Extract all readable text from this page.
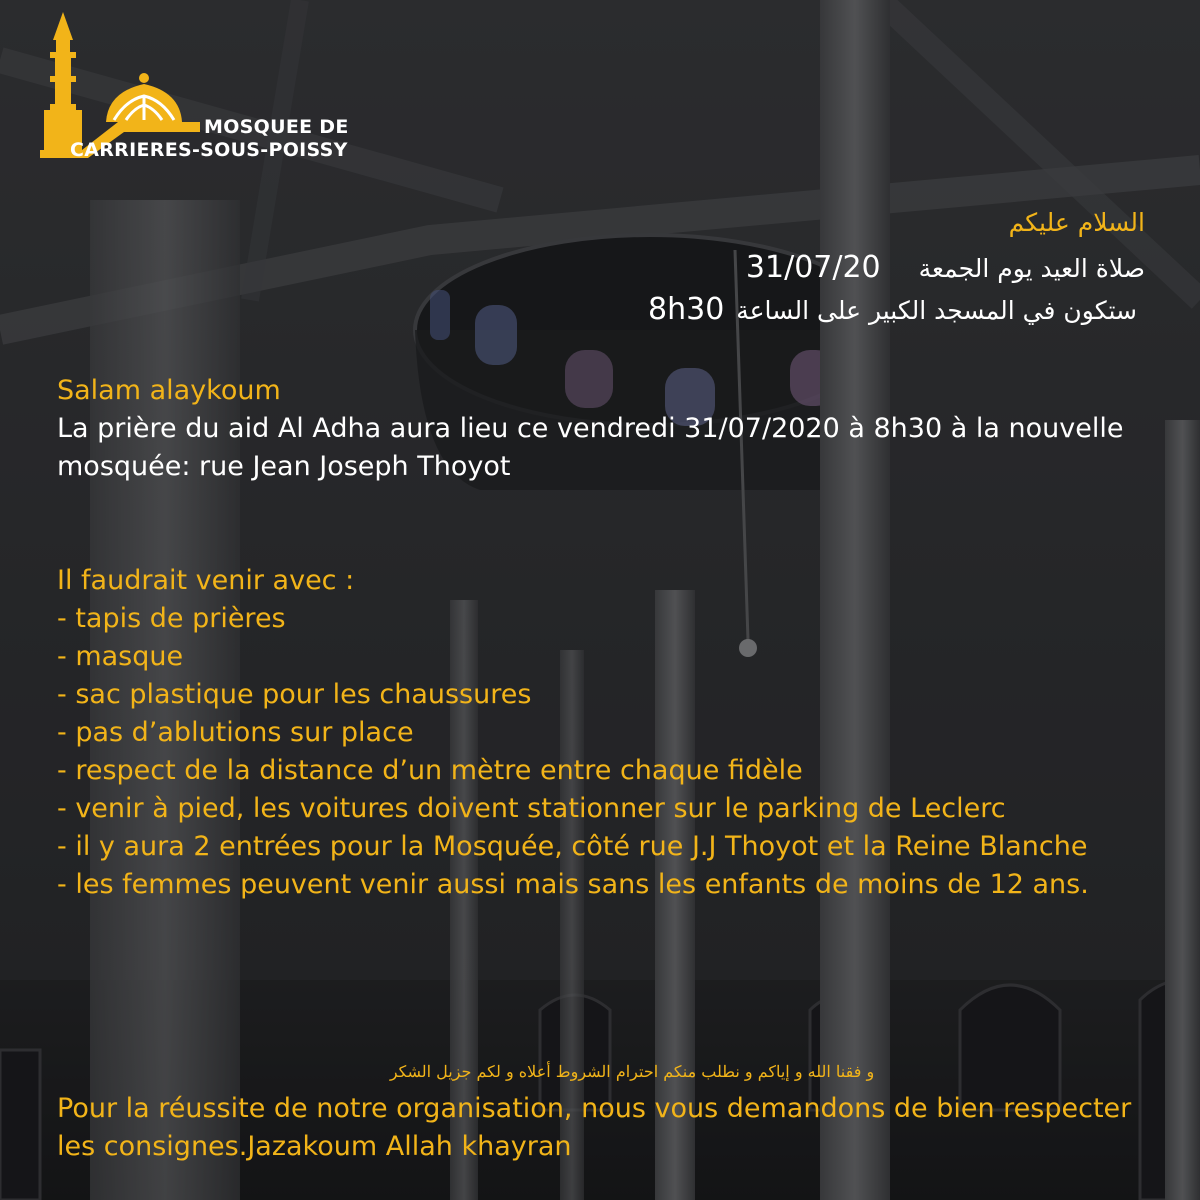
MOSQUEE DE
CARRIERES-SOUS-POISSY
السلام عليكم
صلاة العيد يوم الجمعة31/07/20
ستكون في المسجد الكبير على الساعة 8h30
Salam alaykoum
La prière du aid Al Adha aura lieu ce vendredi 31/07/2020 à 8h30 à la nouvelle mosquée: rue Jean Joseph Thoyot
Il faudrait venir avec :
- tapis de prières
- masque
- sac plastique pour les chaussures
- pas d’ablutions sur place
- respect de la distance d’un mètre entre chaque fidèle
- venir à pied, les voitures doivent stationner sur le parking de Leclerc
- il y aura 2 entrées pour la Mosquée, côté rue J.J Thoyot et la Reine Blanche
- les femmes peuvent venir aussi mais sans les enfants de moins de 12 ans.
و فقنا الله و إياكم و نطلب منكم احترام الشروط أعلاه و لكم جزيل الشكر
Pour la réussite de notre organisation, nous vous demandons de bien respecter les consignes.Jazakoum Allah khayran
